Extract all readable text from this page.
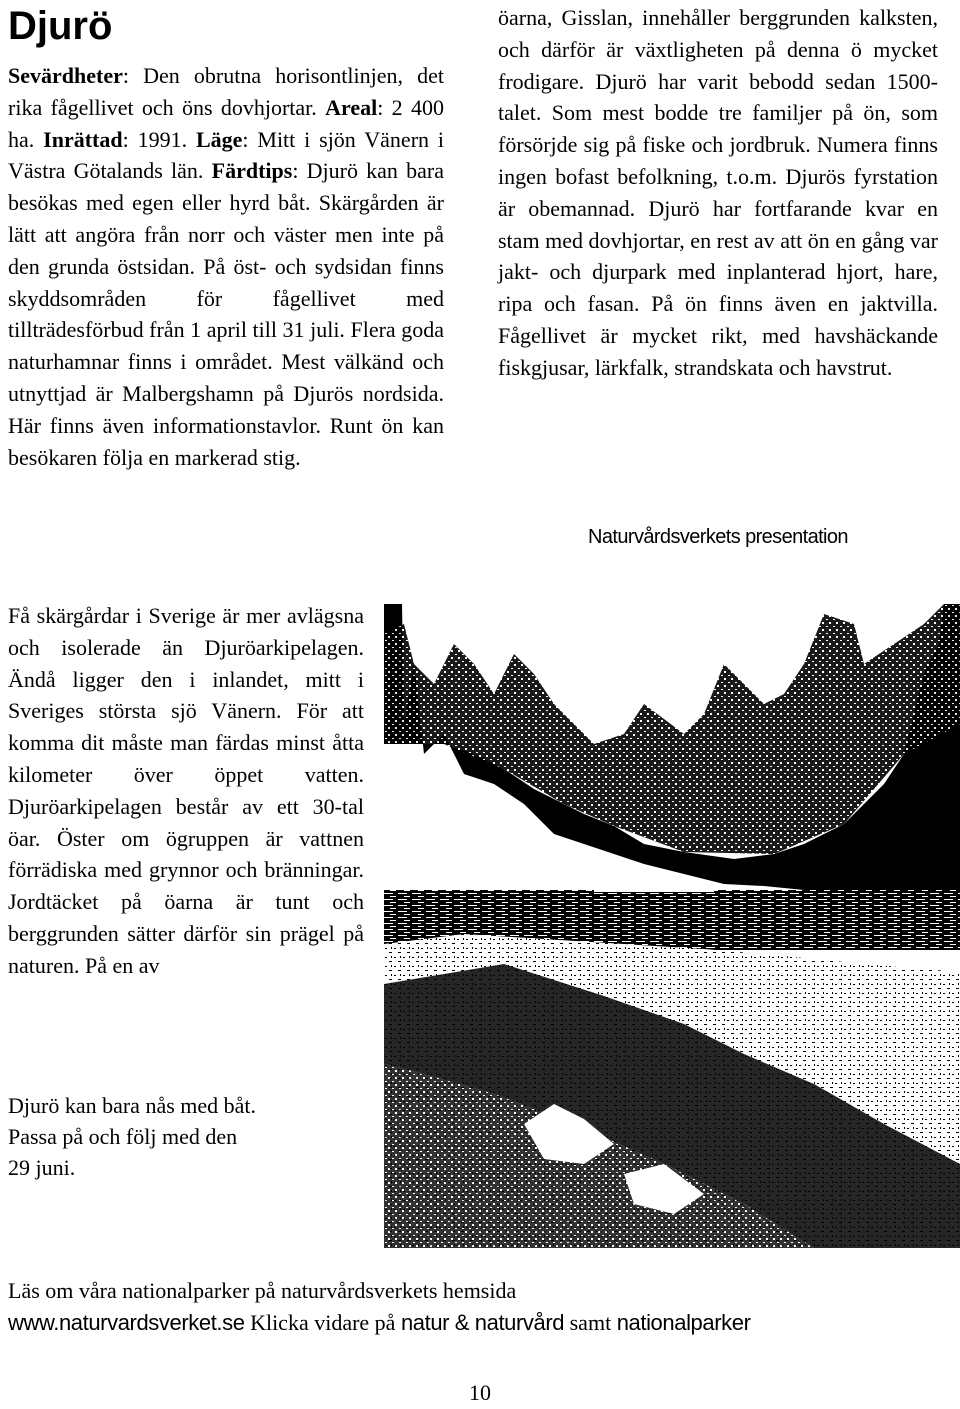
Djurö

Sevärdheter: Den obrutna horisontlinjen, det rika fågellivet och öns dovhjortar. Areal: 2 400 ha. Inrättad: 1991. Läge: Mitt i sjön Vänern i Västra Götalands län. Färdtips: Djurö kan bara besökas med egen eller hyrd båt. Skärgården är lätt att angöra från norr och väster men inte på den grunda östsidan. På öst- och sydsidan finns skyddsområden för fågellivet med tillträdesförbud från 1 april till 31 juli. Flera goda naturhamnar finns i området. Mest välkänd och utnyttjad är Malbergshamn på Djurös nordsida. Här finns även informationstavlor. Runt ön kan besökaren följa en markerad stig.

Få skärgårdar i Sverige är mer avlägsna och isolerade än Djuröarkipelagen. Ändå ligger den i inlandet, mitt i Sveriges största sjö Vänern. För att komma dit måste man färdas minst åtta kilometer över öppet vatten. Djuröarkipelagen består av ett 30-tal öar. Öster om ögruppen är vattnen förrädiska med grynnor och bränningar. Jordtäcket på öarna är tunt och berggrunden sätter därför sin prägel på naturen. På en av

öarna, Gisslan, innehåller berggrunden kalksten, och därför är växtligheten på denna ö mycket frodigare. Djurö har varit bebodd sedan 1500-talet. Som mest bodde tre familjer på ön, som försörjde sig på fiske och jordbruk. Numera finns ingen bofast befolkning, t.o.m. Djurös fyrstation är obemannad. Djurö har fortfarande kvar en stam med dovhjortar, en rest av att ön en gång var jakt- och djurpark med inplanterad hjort, hare, ripa och fasan. På ön finns även en jaktvilla. Fågellivet är mycket rikt, med havshäckande fiskgjusar, lärkfalk, strandskata och havstrut.

Naturvårdsverkets presentation

Djurö kan bara nås med båt.
Passa på och följ med den
29 juni.

Läs om våra nationalparker på naturvårdsverkets hemsida

www.naturvardsverket.se Klicka vidare på natur & naturvård samt nationalparker

10
